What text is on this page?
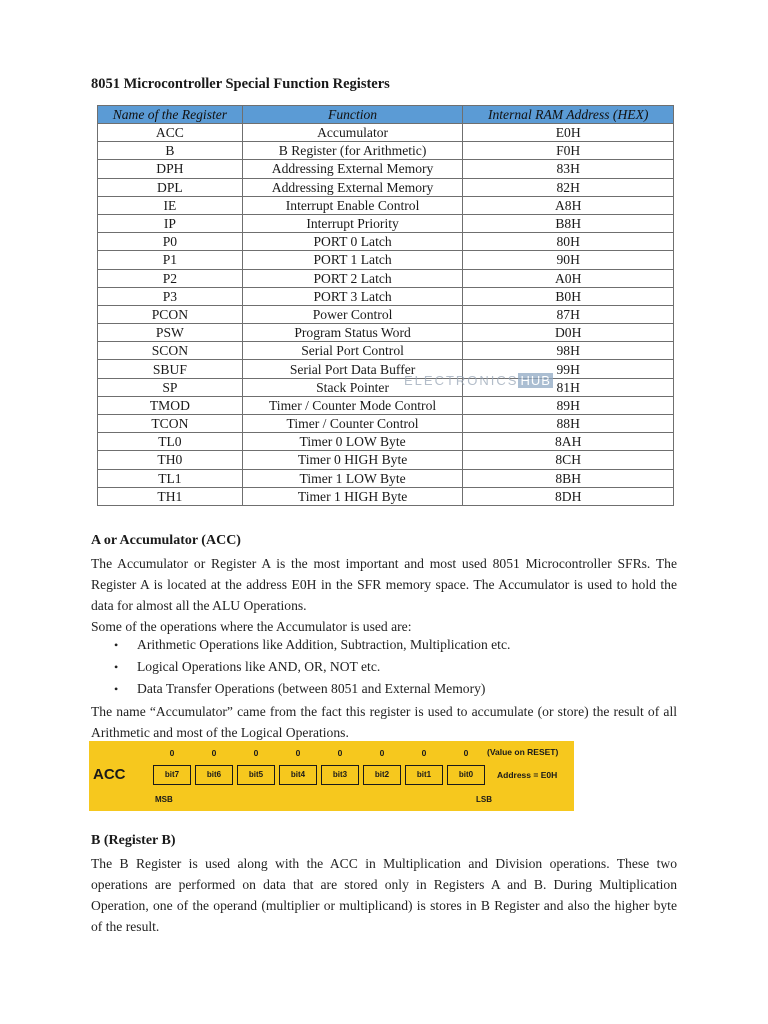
8051 Microcontroller Special Function Registers
Name of the Register	Function	Internal RAM Address (HEX)
ACC	Accumulator	E0H
B	B Register (for Arithmetic)	F0H
DPH	Addressing External Memory	83H
DPL	Addressing External Memory	82H
IE	Interrupt Enable Control	A8H
IP	Interrupt Priority	B8H
P0	PORT 0 Latch	80H
P1	PORT 1 Latch	90H
P2	PORT 2 Latch	A0H
P3	PORT 3 Latch	B0H
PCON	Power Control	87H
PSW	Program Status Word	D0H
SCON	Serial Port Control	98H
SBUF	Serial Port Data Buffer	99H
SP	Stack Pointer	81H
TMOD	Timer / Counter Mode Control	89H
TCON	Timer / Counter Control	88H
TL0	Timer 0 LOW Byte	8AH
TH0	Timer 0 HIGH Byte	8CH
TL1	Timer 1 LOW Byte	8BH
TH1	Timer 1 HIGH Byte	8DH
ELECTRONICS HUB
A or Accumulator (ACC)

The Accumulator or Register A is the most important and most used 8051 Microcontroller SFRs. The Register A is located at the address E0H in the SFR memory space. The Accumulator is used to hold the data for almost all the ALU Operations.

Some of the operations where the Accumulator is used are:

• Arithmetic Operations like Addition, Subtraction, Multiplication etc.
• Logical Operations like AND, OR, NOT etc.
• Data Transfer Operations (between 8051 and External Memory)

The name “Accumulator” came from the fact this register is used to accumulate (or store) the result of all Arithmetic and most of the Logical Operations.

ACC
(Value on RESET)
Address = E0H
MSB	LSB
bit7
0
bit6
0
bit5
0
bit4
0
bit3
0
bit2
0
bit1
0
bit0
0
B (Register B)

The B Register is used along with the ACC in Multiplication and Division operations. These two operations are performed on data that are stored only in Registers A and B. During Multiplication Operation, one of the operand (multiplier or multiplicand) is stores in B Register and also the higher byte of the result.
